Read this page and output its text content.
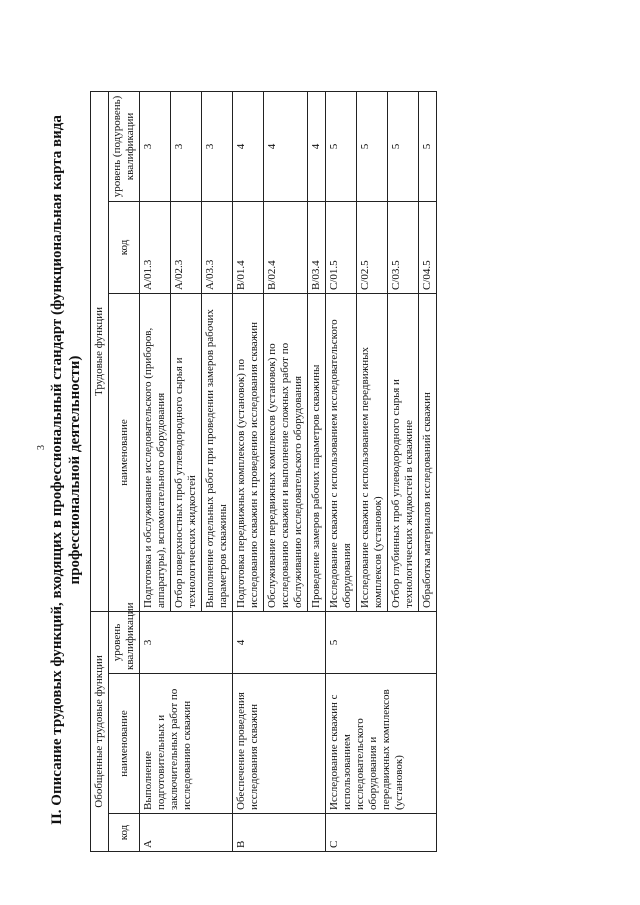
3 II. Описание трудовых функций, входящих в профессиональный стандарт (функциональная карта вида профессиональной деятельности)
Обобщенные трудовые функции			Трудовые функции		
код	наименование	уровень квалификации	наименование	код	уровень (подуровень) квалификации
A	Выполнение подготовительных и заключительных работ по исследованию скважин	3	Подготовка и обслуживание исследовательского (приборов, аппаратуры), вспомогательного оборудования	A/01.3	3
			Отбор поверхностных проб углеводородного сырья и технологических жидкостей	A/02.3	3
			Выполнение отдельных работ при проведении замеров рабочих параметров скважины	A/03.3	3
B	Обеспечение проведения исследования скважин	4	Подготовка передвижных комплексов (установок) по исследованию скважин к проведению исследования скважин	B/01.4	4
			Обслуживание передвижных комплексов (установок) по исследованию скважин и выполнение сложных работ по обслуживанию исследовательского оборудования	B/02.4	4
			Проведение замеров рабочих параметров скважины	B/03.4	4
C	Исследование скважин с использованием исследовательского оборудования и передвижных комплексов (установок)	5	Исследование скважин с использованием исследовательского оборудования	C/01.5	5
			Исследование скважин с использованием передвижных комплексов (установок)	C/02.5	5
			Отбор глубинных проб углеводородного сырья и технологических жидкостей в скважине	C/03.5	5
			Обработка материалов исследований скважин	C/04.5	5
